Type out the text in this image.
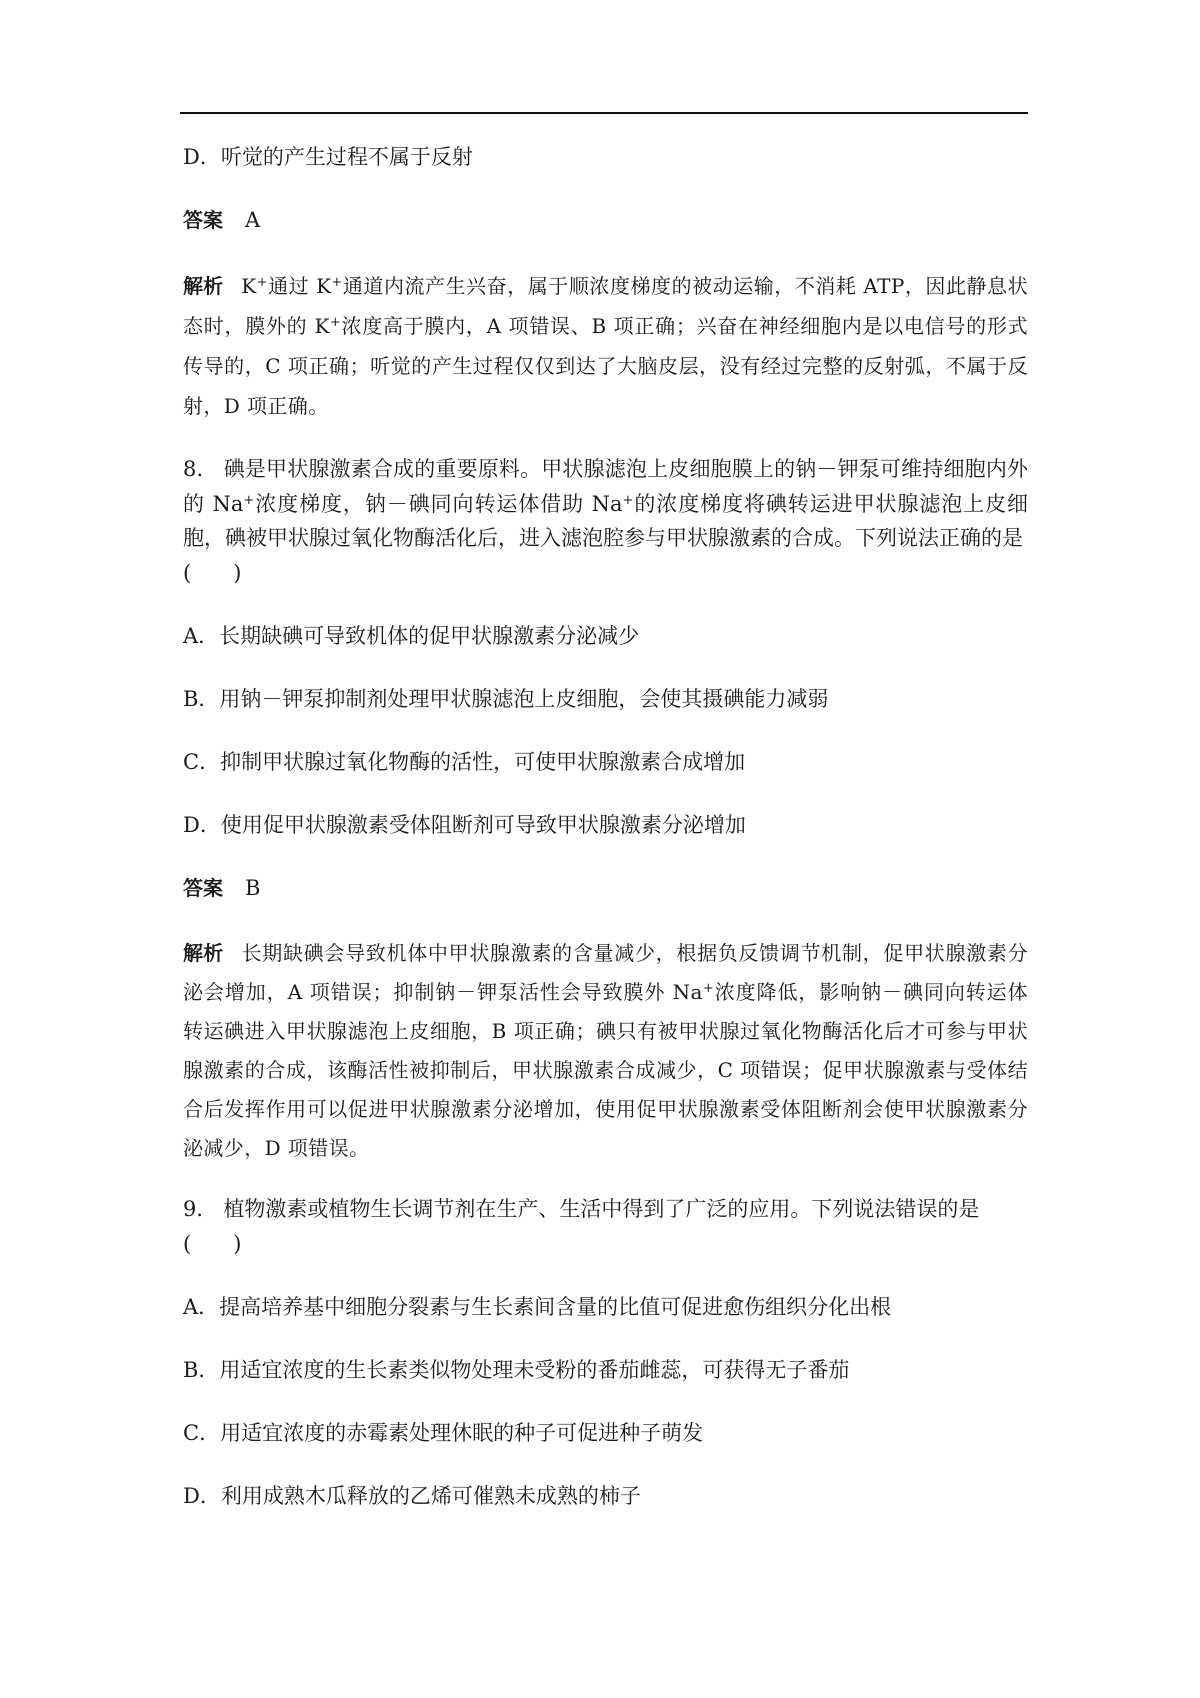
D．听觉的产生过程不属于反射

答案 A

解析 K+通过 K+通道内流产生兴奋，属于顺浓度梯度的被动运输，不消耗 ATP，因此静息状态时，膜外的 K+浓度高于膜内，A 项错误、B 项正确；兴奋在神经细胞内是以电信号的形式传导的，C 项正确；听觉的产生过程仅仅到达了大脑皮层，没有经过完整的反射弧，不属于反射，D 项正确。

8． 碘是甲状腺激素合成的重要原料。甲状腺滤泡上皮细胞膜上的钠－钾泵可维持细胞内外的 Na+浓度梯度，钠－碘同向转运体借助 Na+的浓度梯度将碘转运进甲状腺滤泡上皮细胞，碘被甲状腺过氧化物酶活化后，进入滤泡腔参与甲状腺激素的合成。下列说法正确的是
(　　)

A．长期缺碘可导致机体的促甲状腺激素分泌减少

B．用钠－钾泵抑制剂处理甲状腺滤泡上皮细胞，会使其摄碘能力减弱

C．抑制甲状腺过氧化物酶的活性，可使甲状腺激素合成增加

D．使用促甲状腺激素受体阻断剂可导致甲状腺激素分泌增加

答案 B

解析 长期缺碘会导致机体中甲状腺激素的含量减少，根据负反馈调节机制，促甲状腺激素分泌会增加，A 项错误；抑制钠－钾泵活性会导致膜外 Na+浓度降低，影响钠－碘同向转运体转运碘进入甲状腺滤泡上皮细胞，B 项正确；碘只有被甲状腺过氧化物酶活化后才可参与甲状腺激素的合成，该酶活性被抑制后，甲状腺激素合成减少，C 项错误；促甲状腺激素与受体结合后发挥作用可以促进甲状腺激素分泌增加，使用促甲状腺激素受体阻断剂会使甲状腺激素分泌减少，D 项错误。

9． 植物激素或植物生长调节剂在生产、生活中得到了广泛的应用。下列说法错误的是
(　　)

A．提高培养基中细胞分裂素与生长素间含量的比值可促进愈伤组织分化出根

B．用适宜浓度的生长素类似物处理未受粉的番茄雌蕊，可获得无子番茄

C．用适宜浓度的赤霉素处理休眠的种子可促进种子萌发

D．利用成熟木瓜释放的乙烯可催熟未成熟的柿子
